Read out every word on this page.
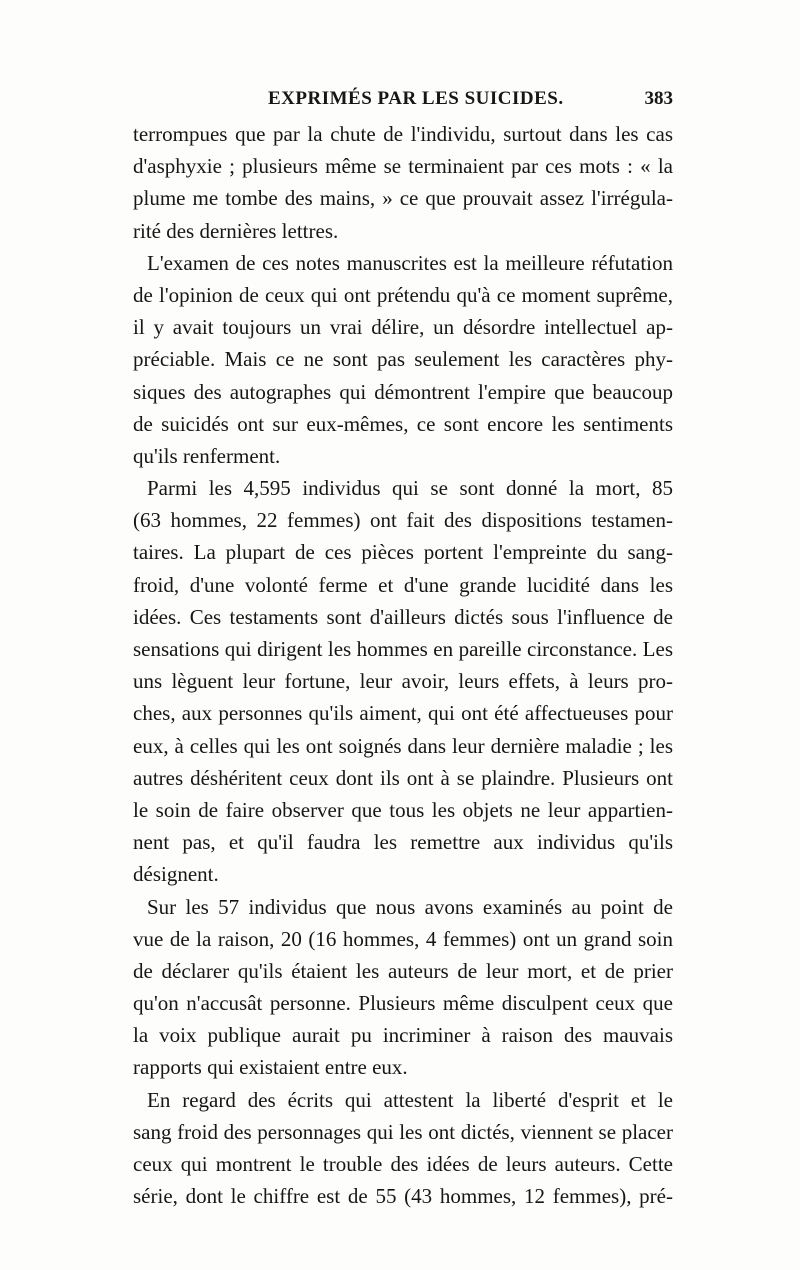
EXPRIMÉS PAR LES SUICIDES.	383
terrompues que par la chute de l'individu, surtout dans les cas
d'asphyxie ; plusieurs même se terminaient par ces mots : « la
plume me tombe des mains, » ce que prouvait assez l'irrégula-
rité des dernières lettres.
L'examen de ces notes manuscrites est la meilleure réfutation
de l'opinion de ceux qui ont prétendu qu'à ce moment suprême,
il y avait toujours un vrai délire, un désordre intellectuel ap-
préciable. Mais ce ne sont pas seulement les caractères phy-
siques des autographes qui démontrent l'empire que beaucoup
de suicidés ont sur eux-mêmes, ce sont encore les sentiments
qu'ils renferment.
Parmi les 4,595 individus qui se sont donné la mort, 85
(63 hommes, 22 femmes) ont fait des dispositions testamen-
taires. La plupart de ces pièces portent l'empreinte du sang-
froid, d'une volonté ferme et d'une grande lucidité dans les
idées. Ces testaments sont d'ailleurs dictés sous l'influence de
sensations qui dirigent les hommes en pareille circonstance. Les
uns lèguent leur fortune, leur avoir, leurs effets, à leurs pro-
ches, aux personnes qu'ils aiment, qui ont été affectueuses pour
eux, à celles qui les ont soignés dans leur dernière maladie ; les
autres déshéritent ceux dont ils ont à se plaindre. Plusieurs ont
le soin de faire observer que tous les objets ne leur appartien-
nent pas, et qu'il faudra les remettre aux individus qu'ils
désignent.
Sur les 57 individus que nous avons examinés au point de
vue de la raison, 20 (16 hommes, 4 femmes) ont un grand soin
de déclarer qu'ils étaient les auteurs de leur mort, et de prier
qu'on n'accusât personne. Plusieurs même disculpent ceux que
la voix publique aurait pu incriminer à raison des mauvais
rapports qui existaient entre eux.
En regard des écrits qui attestent la liberté d'esprit et le
sang froid des personnages qui les ont dictés, viennent se placer
ceux qui montrent le trouble des idées de leurs auteurs. Cette
série, dont le chiffre est de 55 (43 hommes, 12 femmes), pré-
